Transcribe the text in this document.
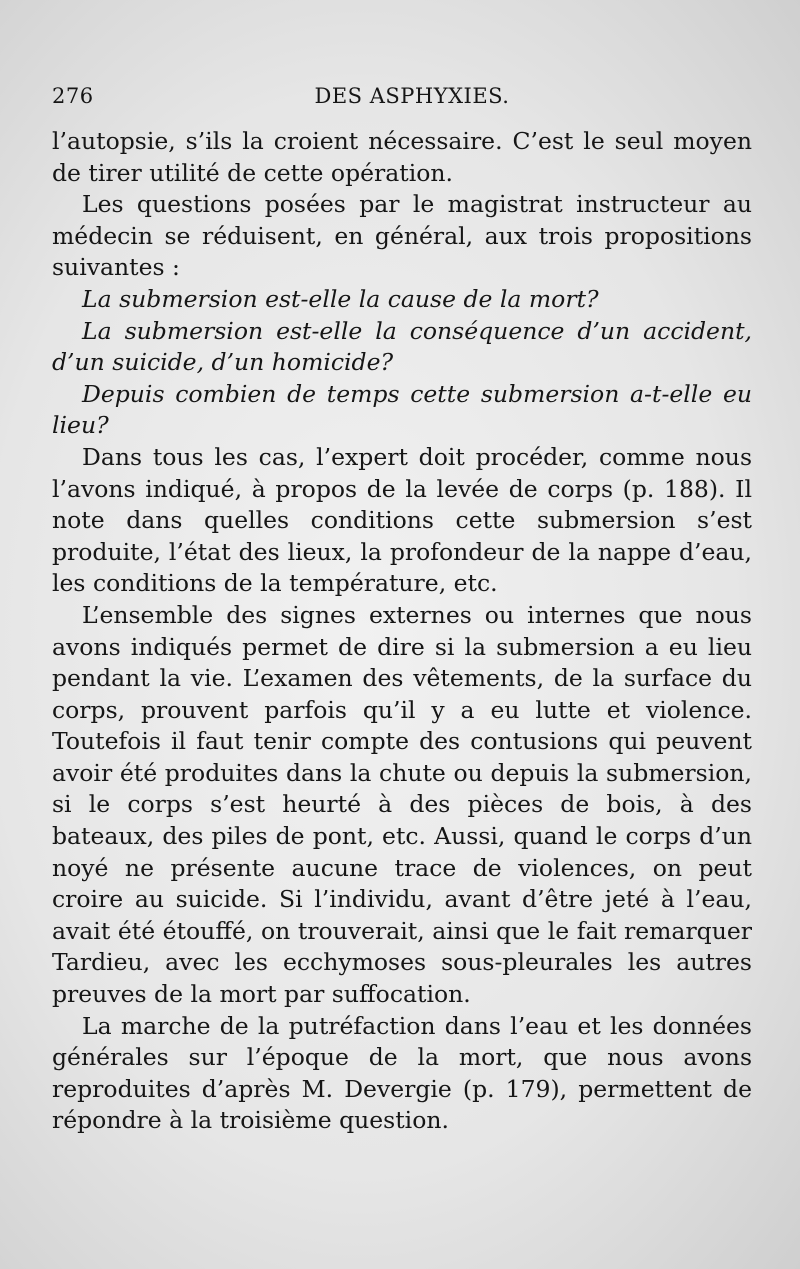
276	DES ASPHYXIES.

l’autopsie, s’ils la croient nécessaire. C’est le seul moyen de tirer utilité de cette opération.

Les questions posées par le magistrat instructeur au médecin se réduisent, en général, aux trois propositions suivantes :

La submersion est-elle la cause de la mort?

La submersion est-elle la conséquence d’un accident, d’un suicide, d’un homicide?

Depuis combien de temps cette submersion a-t-elle eu lieu?

Dans tous les cas, l’expert doit procéder, comme nous l’avons indiqué, à propos de la levée de corps (p. 188). Il note dans quelles conditions cette submersion s’est produite, l’état des lieux, la profondeur de la nappe d’eau, les conditions de la température, etc.

L’ensemble des signes externes ou internes que nous avons indiqués permet de dire si la submersion a eu lieu pendant la vie. L’examen des vêtements, de la surface du corps, prouvent parfois qu’il y a eu lutte et violence. Toutefois il faut tenir compte des contusions qui peuvent avoir été produites dans la chute ou depuis la submersion, si le corps s’est heurté à des pièces de bois, à des bateaux, des piles de pont, etc. Aussi, quand le corps d’un noyé ne présente aucune trace de violences, on peut croire au suicide. Si l’individu, avant d’être jeté à l’eau, avait été étouffé, on trouverait, ainsi que le fait remarquer Tardieu, avec les ecchymoses sous-pleurales les autres preuves de la mort par suffocation.

La marche de la putréfaction dans l’eau et les données générales sur l’époque de la mort, que nous avons reproduites d’après M. Devergie (p. 179), permettent de répondre à la troisième question.
